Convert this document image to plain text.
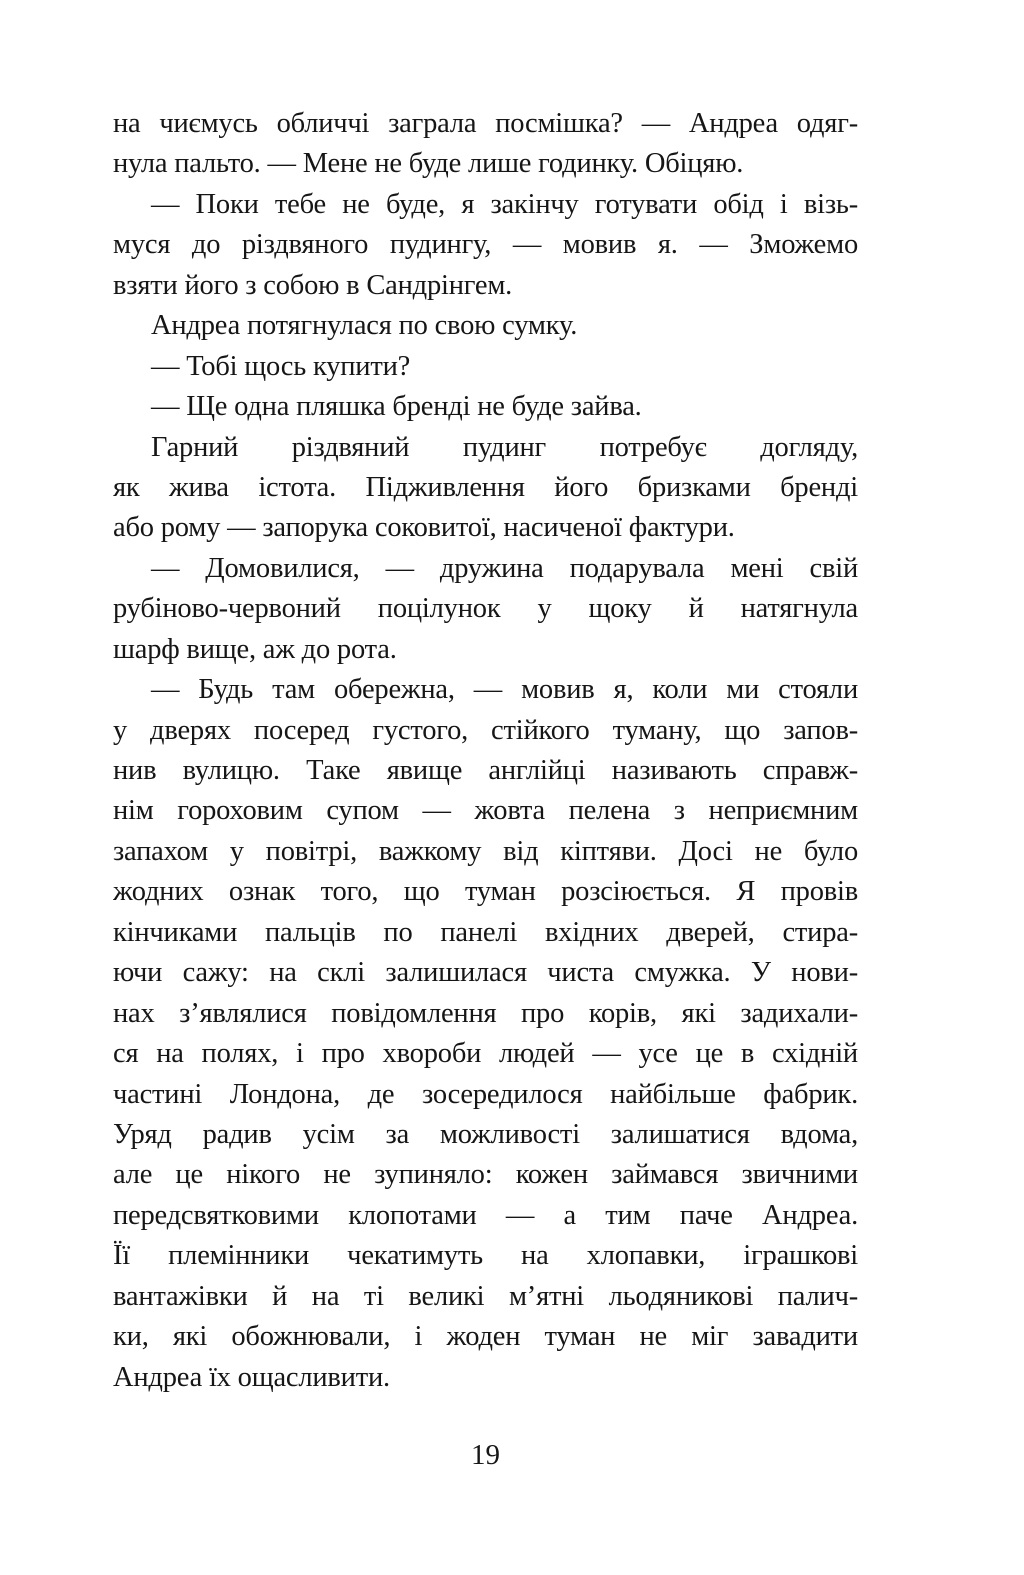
на чиємусь обличчі заграла посмішка? — Андреа одяг-
нула пальто. — Мене не буде лише годинку. Обіцяю.
— Поки тебе не буде, я закінчу готувати обід і візь-
муся до різдвяного пудингу, — мовив я. — Зможемо
взяти його з собою в Сандрінгем.
Андреа потягнулася по свою сумку.
— Тобі щось купити?
— Ще одна пляшка бренді не буде зайва.
Гарний різдвяний пудинг потребує догляду,
як жива істота. Підживлення його бризками бренді
або рому — запорука соковитої, насиченої фактури.
— Домовилися, — дружина подарувала мені свій
рубіново-червоний поцілунок у щоку й натягнула
шарф вище, аж до рота.
— Будь там обережна, — мовив я, коли ми стояли
у дверях посеред густого, стійкого туману, що запов-
нив вулицю. Таке явище англійці називають справж-
нім гороховим супом — жовта пелена з неприємним
запахом у повітрі, важкому від кіптяви. Досі не було
жодних ознак того, що туман розсіюється. Я провів
кінчиками пальців по панелі вхідних дверей, стира-
ючи сажу: на склі залишилася чиста смужка. У нови-
нах з’являлися повідомлення про корів, які задихали-
ся на полях, і про хвороби людей — усе це в східній
частині Лондона, де зосередилося найбільше фабрик.
Уряд радив усім за можливості залишатися вдома,
але це нікого не зупиняло: кожен займався звичними
передсвятковими клопотами — а тим паче Андреа.
Її племінники чекатимуть на хлопавки, іграшкові
вантажівки й на ті великі м’ятні льодяникові палич-
ки, які обожнювали, і жоден туман не міг завадити
Андреа їх ощасливити.
19
